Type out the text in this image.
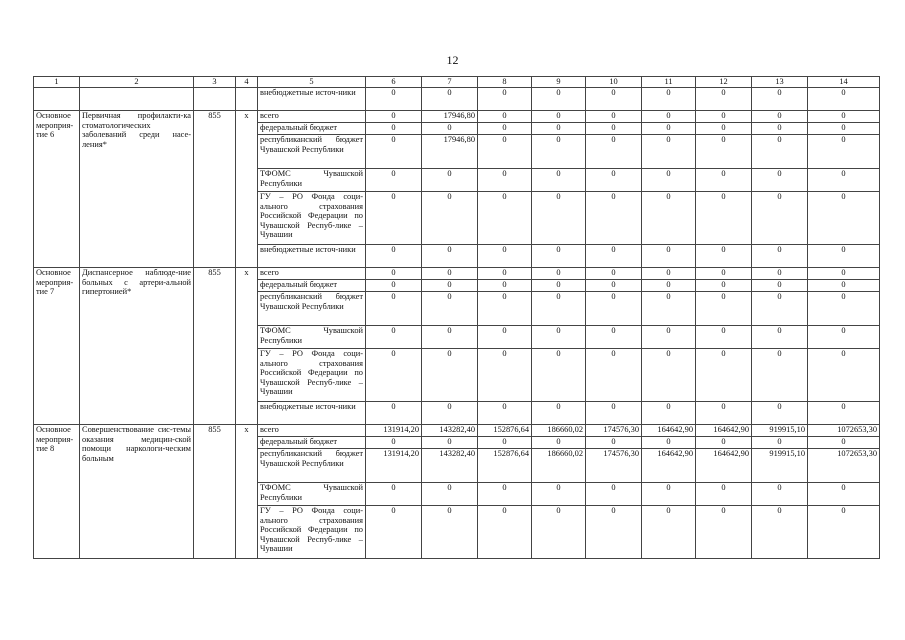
12
1	2	3	4	5	6	7	8	9	10	11	12	13	14
				внебюджетные источ-ники	0	0	0	0	0	0	0	0	0
Основное мероприя-тие 6	Первичная профилакти-ка стоматологических заболеваний среди насе-ления*	855	х	всего	0	17946,80	0	0	0	0	0	0	0
				федеральный бюджет	0	0	0	0	0	0	0	0	0
				республиканский бюджет Чувашской Республики	0	17946,80	0	0	0	0	0	0	0
				ТФОМС Чувашской Республики	0	0	0	0	0	0	0	0	0
				ГУ – РО Фонда соци-ального страхования Российской Федерации по Чувашской Респуб-лике – Чувашии	0	0	0	0	0	0	0	0	0
				внебюджетные источ-ники	0	0	0	0	0	0	0	0	0
Основное мероприя-тие 7	Диспансерное наблюде-ние больных с артери-альной гипертонией*	855	х	всего	0	0	0	0	0	0	0	0	0
				федеральный бюджет	0	0	0	0	0	0	0	0	0
				республиканский бюджет Чувашской Республики	0	0	0	0	0	0	0	0	0
				ТФОМС Чувашской Республики	0	0	0	0	0	0	0	0	0
				ГУ – РО Фонда соци-ального страхования Российской Федерации по Чувашской Респуб-лике – Чувашии	0	0	0	0	0	0	0	0	0
				внебюджетные источ-ники	0	0	0	0	0	0	0	0	0
Основное мероприя-тие 8	Совершенствование сис-темы оказания медицин-ской помощи наркологи-ческим больным	855	х	всего	131914,20	143282,40	152876,64	186660,02	174576,30	164642,90	164642,90	919915,10	1072653,30
				федеральный бюджет	0	0	0	0	0	0	0	0	0
				республиканский бюджет Чувашской Республики	131914,20	143282,40	152876,64	186660,02	174576,30	164642,90	164642,90	919915,10	1072653,30
				ТФОМС Чувашской Республики	0	0	0	0	0	0	0	0	0
				ГУ – РО Фонда соци-ального страхования Российской Федерации по Чувашской Респуб-лике – Чувашии	0	0	0	0	0	0	0	0	0
